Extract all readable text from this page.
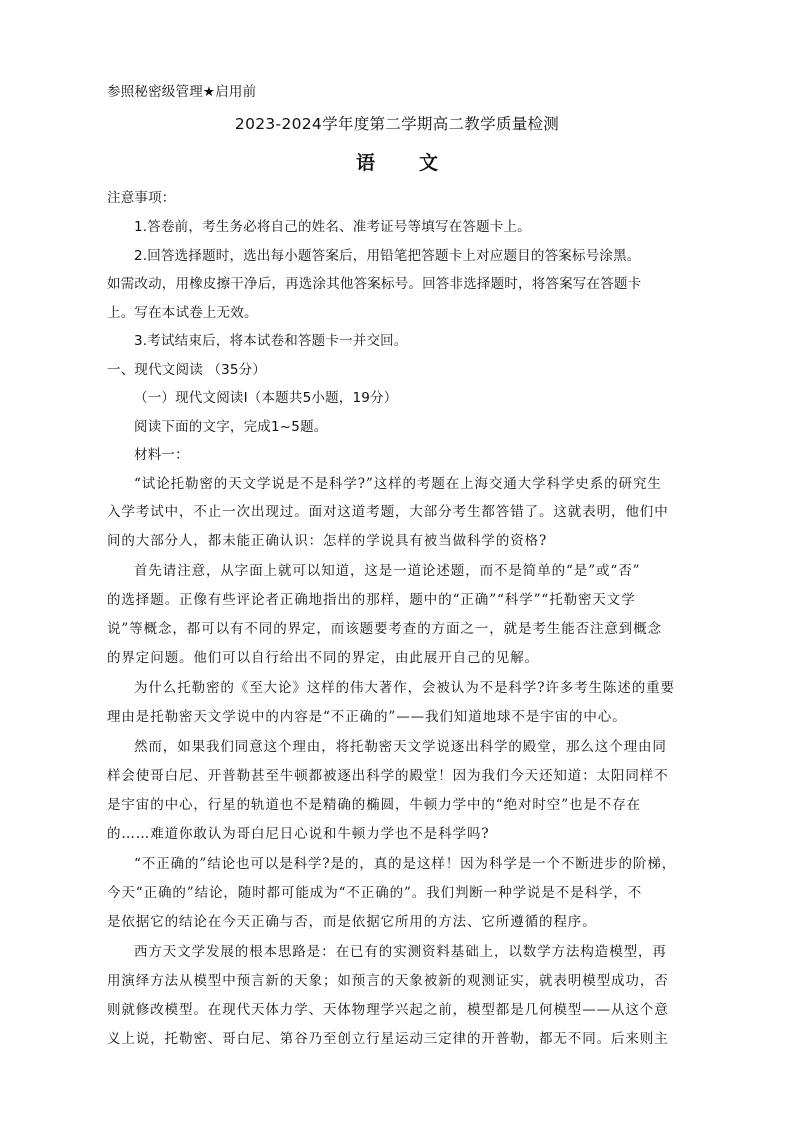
参照秘密级管理★启用前
2023-2024学年度第二学期高二教学质量检测
语 文
注意事项：
1.答卷前，考生务必将自己的姓名、准考证号等填写在答题卡上。
2.回答选择题时，选出每小题答案后，用铅笔把答题卡上对应题目的答案标号涂黑。
如需改动，用橡皮擦干净后，再选涂其他答案标号。回答非选择题时，将答案写在答题卡
上。写在本试卷上无效。
3.考试结束后，将本试卷和答题卡一并交回。
一、现代文阅读 （35分）
（一）现代文阅读Ⅰ（本题共5小题，19分）
阅读下面的文字，完成1~5题。
材料一：
“试论托勒密的天文学说是不是科学?”这样的考题在上海交通大学科学史系的研究生
入学考试中，不止一次出现过。面对这道考题，大部分考生都答错了。这就表明，他们中
间的大部分人，都未能正确认识：怎样的学说具有被当做科学的资格?
首先请注意，从字面上就可以知道，这是一道论述题，而不是简单的“是”或“否”
的选择题。正像有些评论者正确地指出的那样，题中的“正确”“科学”“托勒密天文学
说”等概念，都可以有不同的界定，而该题要考查的方面之一，就是考生能否注意到概念
的界定问题。他们可以自行给出不同的界定，由此展开自己的见解。
为什么托勒密的《至大论》这样的伟大著作，会被认为不是科学?许多考生陈述的重要
理由是托勒密天文学说中的内容是“不正确的”——我们知道地球不是宇宙的中心。
然而，如果我们同意这个理由，将托勒密天文学说逐出科学的殿堂，那么这个理由同
样会使哥白尼、开普勒甚至牛顿都被逐出科学的殿堂！因为我们今天还知道：太阳同样不
是宇宙的中心，行星的轨道也不是精确的椭圆，牛顿力学中的“绝对时空”也是不存在
的……难道你敢认为哥白尼日心说和牛顿力学也不是科学吗?
“不正确的”结论也可以是科学?是的，真的是这样！因为科学是一个不断进步的阶梯，
今天“正确的”结论，随时都可能成为“不正确的”。我们判断一种学说是不是科学，不
是依据它的结论在今天正确与否，而是依据它所用的方法、它所遵循的程序。
西方天文学发展的根本思路是：在已有的实测资料基础上，以数学方法构造模型，再
用演绎方法从模型中预言新的天象；如预言的天象被新的观测证实，就表明模型成功，否
则就修改模型。在现代天体力学、天体物理学兴起之前，模型都是几何模型——从这个意
义上说，托勒密、哥白尼、第谷乃至创立行星运动三定律的开普勒，都无不同。后来则主
